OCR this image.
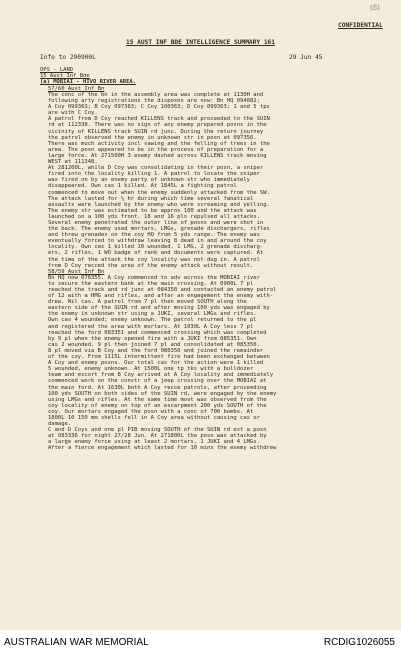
(8)
CONFIDENTIAL
15 AUST INF BDE INTELLIGENCE SUMMARY 161
Info to 290900L	29 Jun 45
OPS - LAND
15 Aust Inf Bde
(a) MOBIAI - HIVO RIVER AREA.
57/60 Aust Inf Bn
The conc of the bn in the assembly area was complete at 1130H and
following arty registrations the disposns are now: Bn HQ 094082;
A Coy 099363; B Coy 097363; C Coy 100363; D Coy 099363; 1 and 5 tps
are with C Coy.
A patrol from D Coy reached KILLENS track and proceeded to the SUIN
rd at 112338. There was no sign of any enemy prepared posns in the
vicinity of KILLENS track SUIN rd junc. During the return journey
the patrol observed the enemy in unknown str in posn at 097356.
There was much activity incl sawing and the felling of trees in the
area. The posn appeared to be in the process of preparation for a
large force. At 271500H 3 enemy dashed across KILLENS track moving
WEST at 111348.
At 281200L, while D Coy was consolidating in their posn, a sniper
fired into the locality killing 1. A patrol to locate the sniper
was fired on by an enemy party of unknown str who immediately
disappeared. Own cas 1 killed. At 1845L a fighting patrol
commenced to move out when the enemy suddenly attacked from the SW.
The attack lasted for ¼ hr during which time several fanatical
assaults were launched by the enemy who were screaming and yelling.
The enemy str was estimated to be approx 100 and the attack was
launched on a 100 yds front. 18 and 16 pls repulsed all attacks.
Several enemy penetrated the outer line of posns and were shot in
the back. The enemy used mortars, LMGs, grenade dischargers, rifles
and threw grenades on the coy HQ from 5 yds range. The enemy was
eventually forced to withdraw leaving 8 dead in and around the coy
locality. Own cas 1 killed 10 wounded. 1 LMG, 2 grenade discharg-
ers, 2 rifles, 1 WO badge of rank and documents were captured. At
the time of the attack the coy locality was not dug in. A patrol
from D Coy recced the area of the enemy attack without result.
58/59 Aust Inf Bn
Bn HQ now 076355. A Coy commenced to adv across the MOBIAI river
to secure the eastern bank at the main crossing. At 0900L 7 pl
reached the track and rd junc at 084350 and contacted an enemy patrol
of 12 with a HMG and rifles, and after an engagement the enemy with-
drew. Nil cas. A patrol from 7 pl then moved SOUTH along the
eastern side of the SUIN rd and after moving 100 yds was engaged by
the enemy in unknown str using a JUKI, several LMGs and rifles.
Own cas 4 wounded; enemy unknown. The patrol returned to the pl
and registered the area with mortars. At 1030L A Coy less 7 pl
reached the ford 083351 and commenced crossing which was completed
by 9 pl when the enemy opened fire with a JUKI from 085351. Own
cas 2 wounded. 9 pl then joined 7 pl and consolidated at 085350.
8 pl moved via B Coy and the ford 080350 and joined the remainder
of the coy. From 1115L intermittent fire had been exchanged between
A Coy and enemy posns. Our total cas for the action were 1 killed
5 wounded, enemy unknown. At 1500L one tp tks with a bulldozer
team and escort from B Coy arrived at A Coy locality and immediately
commenced work on the constr of a jeep crossing over the MOBIAI at
the main ford. At 1630L both A Coy recce patrols, after proceeding
100 yds SOUTH on both sides of the SUIN rd, were engaged by the enemy
using LMGs and rifles. At the same time movt was observed from the
coy locality of enemy on top of an escarpment 200 yds SOUTH of the
coy. Our mortars engaged the posn with a conc of 700 bombs. At
1800L 10 150 mm shells fell in A Coy area without causing cas or
damage.
C and D Coys and one pl PIB moving SOUTH of the SUIN rd est a posn
at 083336 for night 27/28 Jun. At 271800L the posn was attacked by
a large enemy force using at least 2 mortars, 1 JUKI and 4 LMGs.
After a fierce engagement which lasted for 10 mins the enemy withdrew
AUSTRALIAN WAR MEMORIAL	RCDIG1026055
